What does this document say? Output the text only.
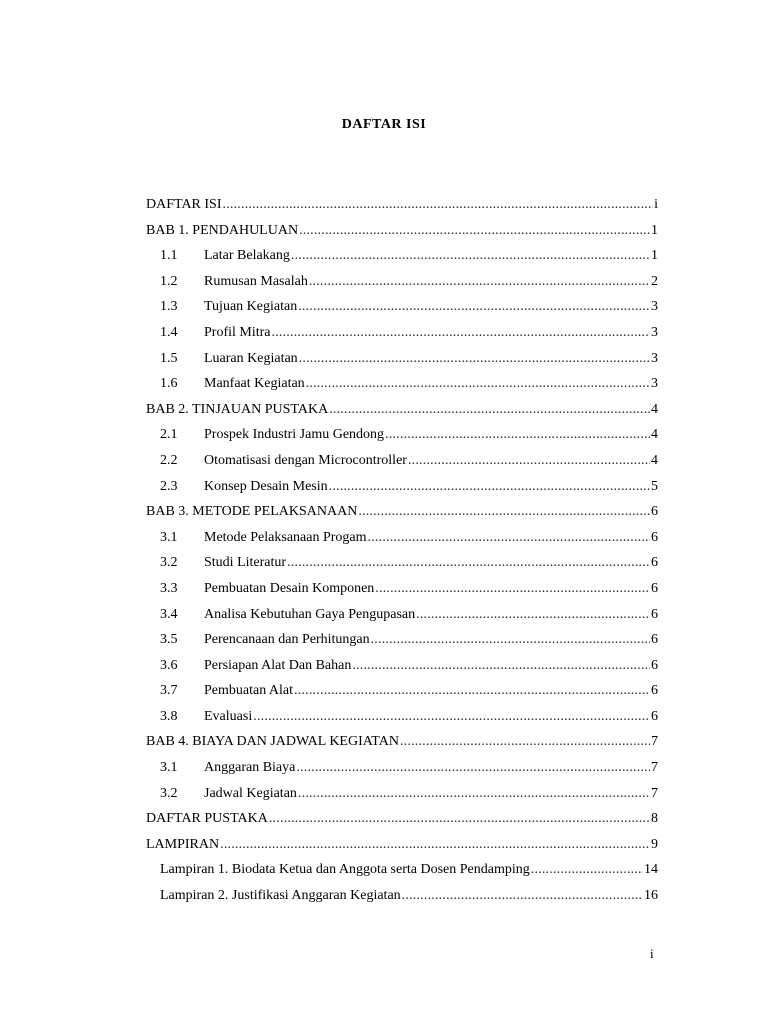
DAFTAR ISI
DAFTAR ISI .....	i
BAB 1. PENDAHULUAN .....	1
1.1	Latar Belakang .....	1
1.2	Rumusan Masalah .....	2
1.3	Tujuan Kegiatan .....	3
1.4	Profil Mitra .....	3
1.5	Luaran Kegiatan .....	3
1.6	Manfaat Kegiatan .....	3
BAB 2. TINJAUAN PUSTAKA .....	4
2.1	Prospek Industri Jamu Gendong .....	4
2.2	Otomatisasi dengan Microcontroller .....	4
2.3	Konsep Desain Mesin .....	5
BAB 3. METODE PELAKSANAAN .....	6
3.1	Metode Pelaksanaan Progam .....	6
3.2	Studi Literatur .....	6
3.3	Pembuatan Desain Komponen .....	6
3.4	Analisa Kebutuhan Gaya Pengupasan .....	6
3.5	Perencanaan dan Perhitungan .....	6
3.6	Persiapan Alat Dan Bahan .....	6
3.7	Pembuatan Alat .....	6
3.8	Evaluasi .....	6
BAB 4. BIAYA DAN JADWAL KEGIATAN .....	7
3.1	Anggaran Biaya .....	7
3.2	Jadwal Kegiatan .....	7
DAFTAR PUSTAKA .....	8
LAMPIRAN .....	9
Lampiran 1. Biodata Ketua dan Anggota serta Dosen Pendamping .....	14
Lampiran 2. Justifikasi Anggaran Kegiatan .....	16
i
